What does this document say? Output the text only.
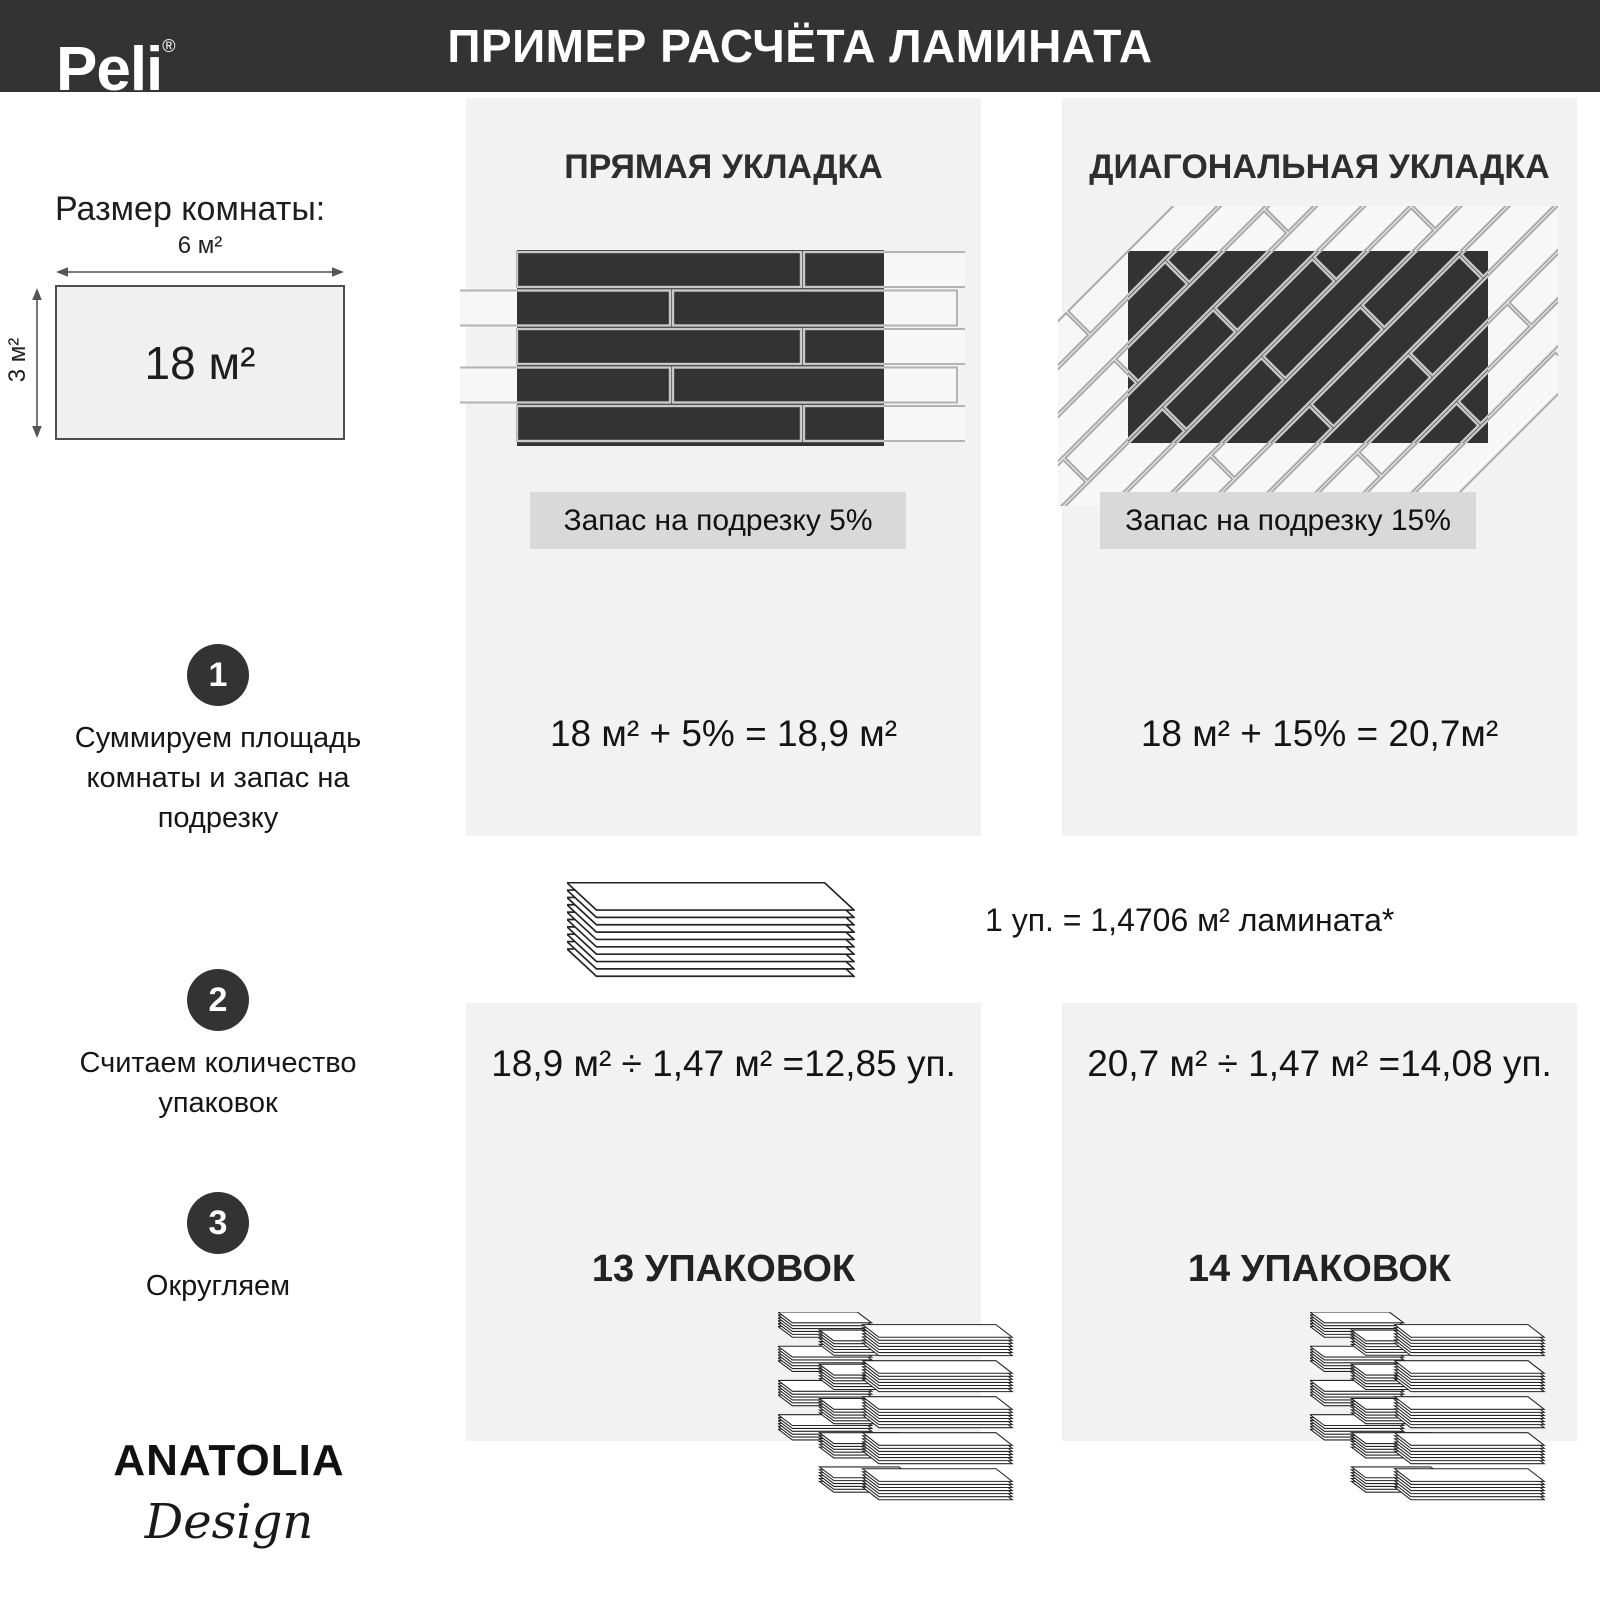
Peli®	ПРИМЕР РАСЧЁТА ЛАМИНАТА
ПРЯМАЯ УКЛАДКА	ДИАГОНАЛЬНАЯ УКЛАДКА
Размер комнаты:
6 м²
18 м²
3 м²
Запас на подрезку 5%	Запас на подрезку 15%
1
Суммируем площадь комнаты и запас на подрезку
18 м² + 5% = 18,9 м²	18 м² + 15% = 20,7м²
1 уп. = 1,4706 м² ламината*
2
Считаем количество упаковок
18,9 м² ÷ 1,47 м² =12,85 уп.	20,7 м² ÷ 1,47 м² =14,08 уп.
3
Округляем	13 УПАКОВОК	14 УПАКОВОК
ANATOLIA
Design
